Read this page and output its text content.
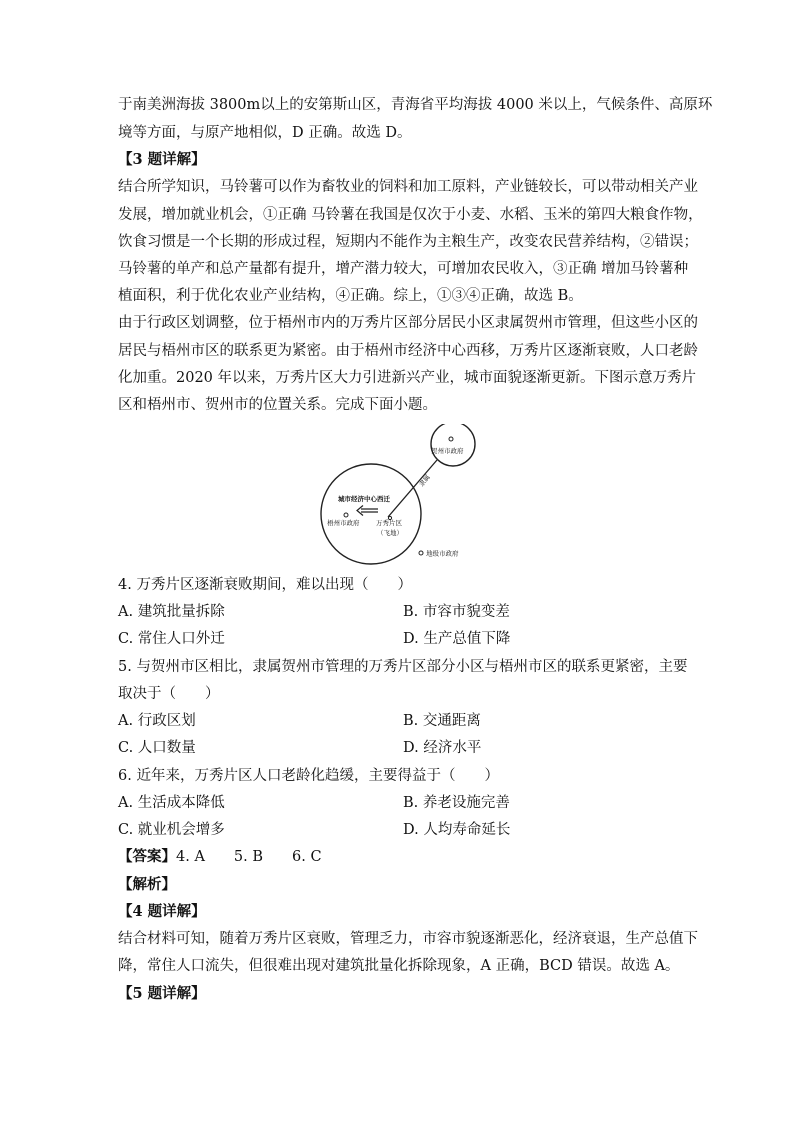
于南美洲海拔 3800m以上的安第斯山区，青海省平均海拔 4000 米以上，气候条件、高原环
境等方面，与原产地相似，D 正确。故选 D。
【3 题详解】
结合所学知识，马铃薯可以作为畜牧业的饲料和加工原料，产业链较长，可以带动相关产业
发展，增加就业机会，①正确 马铃薯在我国是仅次于小麦、水稻、玉米的第四大粮食作物，
饮食习惯是一个长期的形成过程，短期内不能作为主粮生产，改变农民营养结构，②错误；
马铃薯的单产和总产量都有提升，增产潜力较大，可增加农民收入，③正确 增加马铃薯种
植面积，利于优化农业产业结构，④正确。综上，①③④正确，故选 B。
由于行政区划调整，位于梧州市内的万秀片区部分居民小区隶属贺州市管理，但这些小区的
居民与梧州市区的联系更为紧密。由于梧州市经济中心西移，万秀片区逐渐衰败，人口老龄
化加重。2020 年以来，万秀片区大力引进新兴产业，城市面貌逐渐更新。下图示意万秀片
区和梧州市、贺州市的位置关系。完成下面小题。
贺州市政府
隶属
城市经济中心西迁
梧州市政府	万秀片区
（飞地）
地级市政府
4. 万秀片区逐渐衰败期间，难以出现（　　）
A. 建筑批量拆除	B. 市容市貌变差
C. 常住人口外迁	D. 生产总值下降
5. 与贺州市区相比，隶属贺州市管理的万秀片区部分小区与梧州市区的联系更紧密，主要
取决于（　　）
A. 行政区划	B. 交通距离
C. 人口数量	D. 经济水平
6. 近年来，万秀片区人口老龄化趋缓，主要得益于（　　）
A. 生活成本降低	B. 养老设施完善
C. 就业机会增多	D. 人均寿命延长
【答案】4. A　　5. B　　6. C
【解析】
【4 题详解】
结合材料可知，随着万秀片区衰败，管理乏力，市容市貌逐渐恶化，经济衰退，生产总值下
降，常住人口流失，但很难出现对建筑批量化拆除现象，A 正确，BCD 错误。故选 A。
【5 题详解】
